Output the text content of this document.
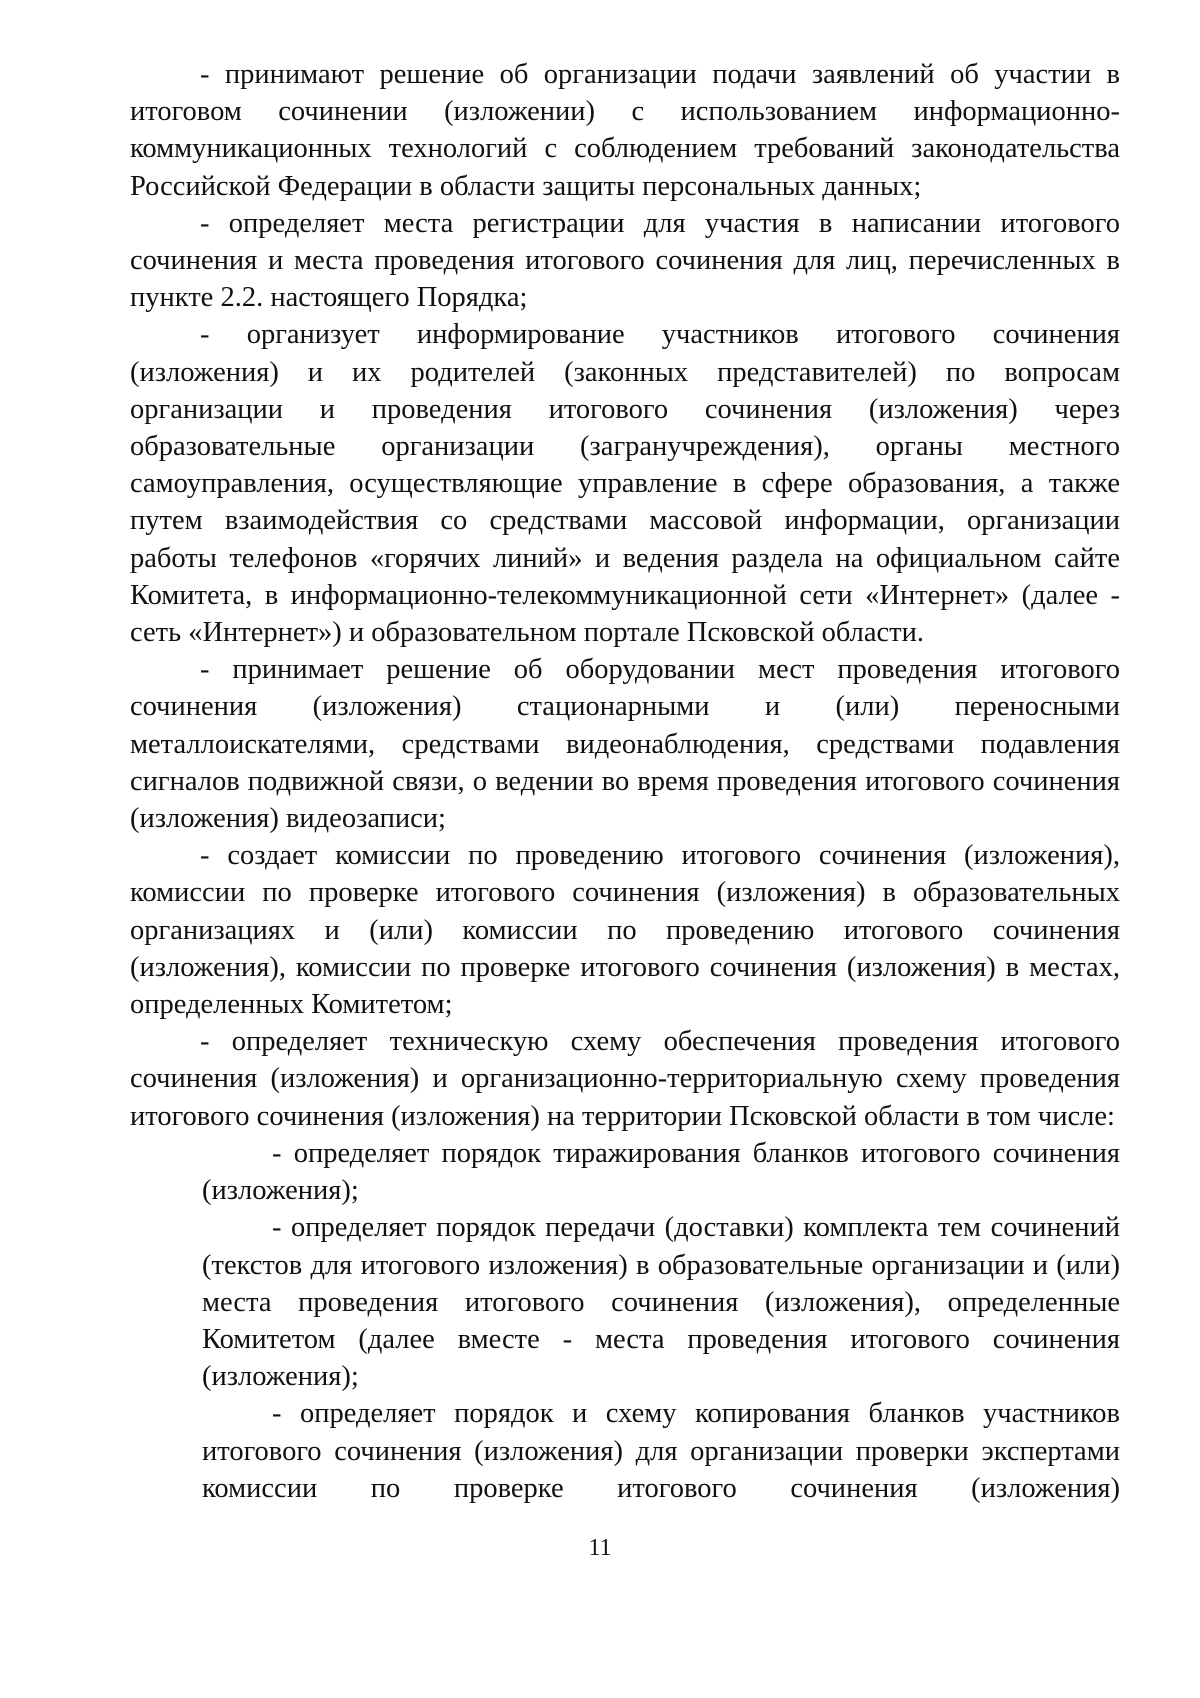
- принимают решение об организации подачи заявлений об участии в итоговом сочинении (изложении) с использованием информационно-коммуникационных технологий с соблюдением требований законодательства Российской Федерации в области защиты персональных данных;

- определяет места регистрации для участия в написании итогового сочинения и места проведения итогового сочинения для лиц, перечисленных в пункте 2.2. настоящего Порядка;

- организует информирование участников итогового сочинения (изложения) и их родителей (законных представителей) по вопросам организации и проведения итогового сочинения (изложения) через образовательные организации (загранучреждения), органы местного самоуправления, осуществляющие управление в сфере образования, а также путем взаимодействия со средствами массовой информации, организации работы телефонов «горячих линий» и ведения раздела на официальном сайте Комитета, в информационно-телекоммуникационной сети «Интернет» (далее - сеть «Интернет») и образовательном портале Псковской области.

- принимает решение об оборудовании мест проведения итогового сочинения (изложения) стационарными и (или) переносными металлоискателями, средствами видеонаблюдения, средствами подавления сигналов подвижной связи, о ведении во время проведения итогового сочинения (изложения) видеозаписи;

- создает комиссии по проведению итогового сочинения (изложения), комиссии по проверке итогового сочинения (изложения) в образовательных организациях и (или) комиссии по проведению итогового сочинения (изложения), комиссии по проверке итогового сочинения (изложения) в местах, определенных Комитетом;

- определяет техническую схему обеспечения проведения итогового сочинения (изложения) и организационно-территориальную схему проведения итогового сочинения (изложения) на территории Псковской области в том числе:

- определяет порядок тиражирования бланков итогового сочинения (изложения);

- определяет порядок передачи (доставки) комплекта тем сочинений (текстов для итогового изложения) в образовательные организации и (или) места проведения итогового сочинения (изложения), определенные Комитетом (далее вместе - места проведения итогового сочинения (изложения);

- определяет порядок и схему копирования бланков участников итогового сочинения (изложения) для организации проверки экспертами комиссии по проверке итогового сочинения (изложения)

11
